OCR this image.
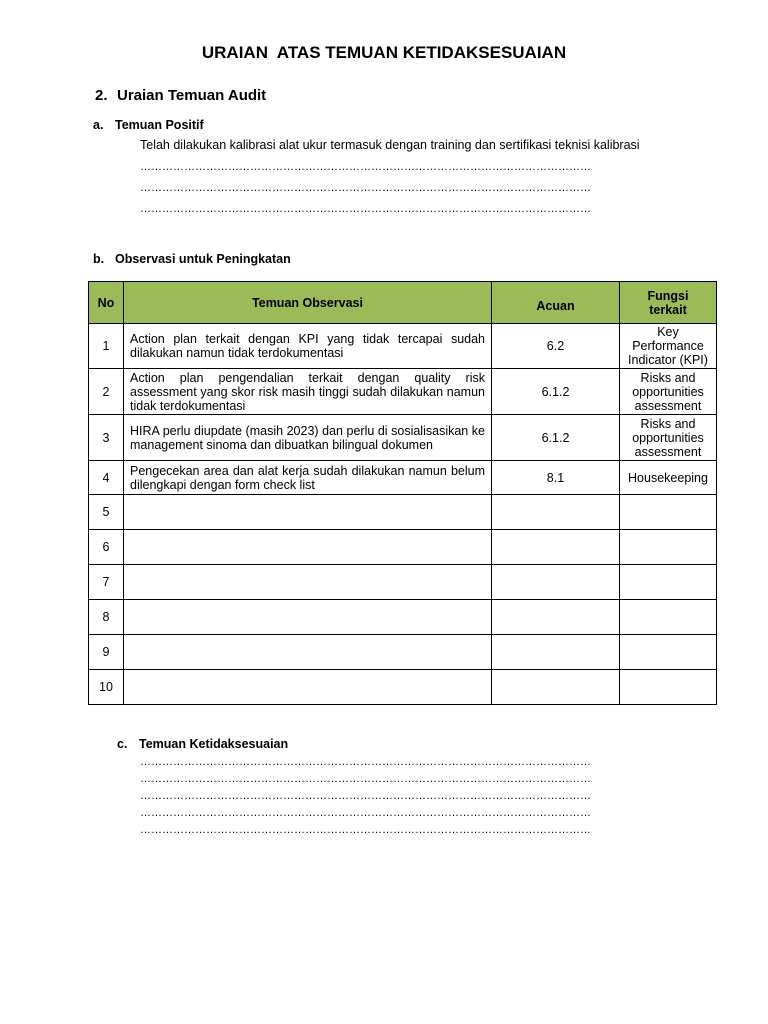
URAIAN  ATAS TEMUAN KETIDAKSESUAIAN
2. Uraian Temuan Audit
a. Temuan Positif
Telah dilakukan kalibrasi alat ukur termasuk dengan training dan sertifikasi teknisi kalibrasi
……………………………………………………………………………………………………………
……………………………………………………………………………………………………………
……………………………………………………………………………………………………………
b. Observasi untuk Peningkatan
No	Temuan Observasi	Acuan	Fungsi terkait
1	Action plan terkait dengan KPI yang tidak tercapai sudah dilakukan namun tidak terdokumentasi	6.2	Key Performance Indicator (KPI)
2	Action plan pengendalian terkait dengan quality risk assessment yang skor risk masih tinggi sudah dilakukan namun tidak terdokumentasi	6.1.2	Risks and opportunities assessment
3	HIRA perlu diupdate (masih 2023) dan perlu di sosialisasikan ke management sinoma dan dibuatkan bilingual dokumen	6.1.2	Risks and opportunities assessment
4	Pengecekan area dan alat kerja sudah dilakukan namun belum dilengkapi dengan form check list	8.1	Housekeeping
5			
6			
7			
8			
9			
10			
c. Temuan Ketidaksesuaian
……………………………………………………………………………………………………………
……………………………………………………………………………………………………………
……………………………………………………………………………………………………………
……………………………………………………………………………………………………………
……………………………………………………………………………………………………………
